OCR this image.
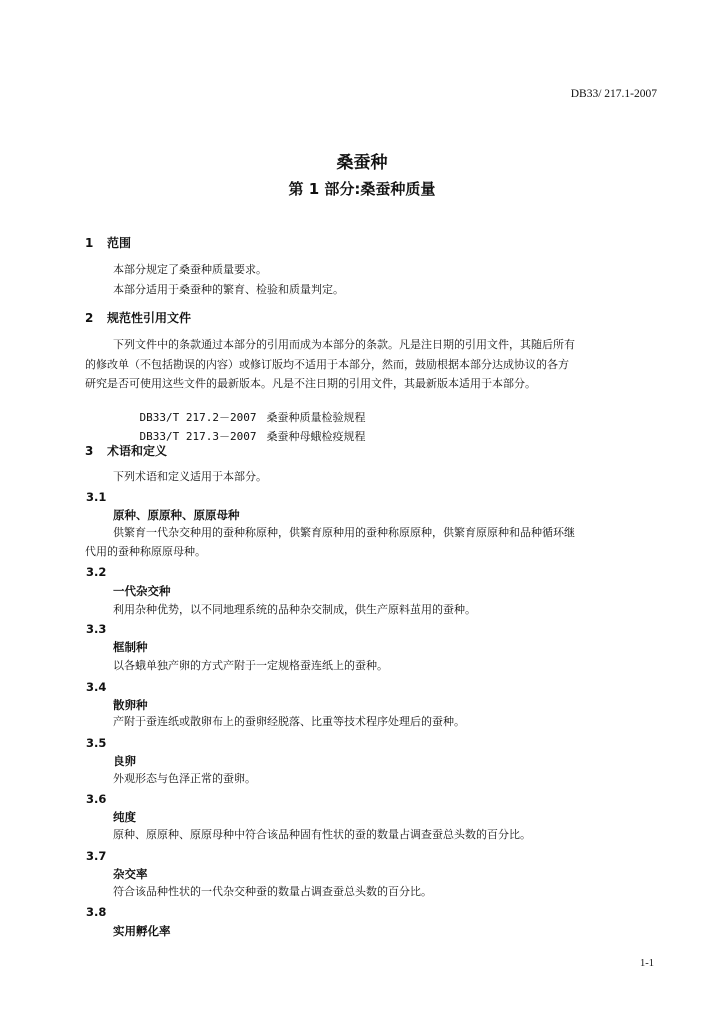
DB33/ 217.1-2007
桑蚕种
第 1 部分:桑蚕种质量
1 范围
本部分规定了桑蚕种质量要求。
本部分适用于桑蚕种的繁育、检验和质量判定。
2 规范性引用文件
下列文件中的条款通过本部分的引用而成为本部分的条款。凡是注日期的引用文件，其随后所有
的修改单（不包括勘误的内容）或修订版均不适用于本部分，然而，鼓励根据本部分达成协议的各方
研究是否可使用这些文件的最新版本。凡是不注日期的引用文件，其最新版本适用于本部分。

DB33/T 217.2－2007 桑蚕种质量检验规程

DB33/T 217.3－2007 桑蚕种母蛾检疫规程

3 术语和定义
下列术语和定义适用于本部分。
3.1
原种、原原种、原原母种
供繁育一代杂交种用的蚕种称原种，供繁育原种用的蚕种称原原种，供繁育原原种和品种循环继
代用的蚕种称原原母种。
3.2
一代杂交种
利用杂种优势，以不同地理系统的品种杂交制成，供生产原料茧用的蚕种。
3.3
框制种
以各蛾单独产卵的方式产附于一定规格蚕连纸上的蚕种。
3.4
散卵种
产附于蚕连纸或散卵布上的蚕卵经脱落、比重等技术程序处理后的蚕种。
3.5
良卵
外观形态与色泽正常的蚕卵。
3.6
纯度
原种、原原种、原原母种中符合该品种固有性状的蚕的数量占调查蚕总头数的百分比。
3.7
杂交率
符合该品种性状的一代杂交种蚕的数量占调查蚕总头数的百分比。
3.8
实用孵化率
1-1
